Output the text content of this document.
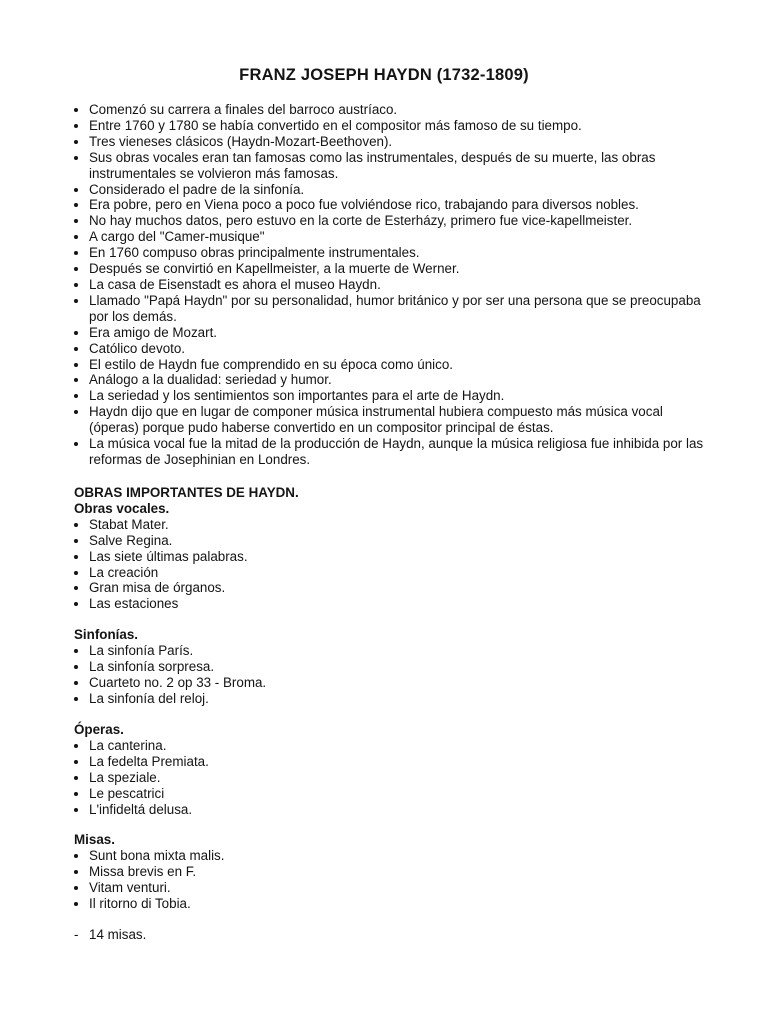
FRANZ JOSEPH HAYDN (1732-1809)
Comenzó su carrera a finales del barroco austríaco.
Entre 1760 y 1780 se había convertido en el compositor más famoso de su tiempo.
Tres vieneses clásicos (Haydn-Mozart-Beethoven).
Sus obras vocales eran tan famosas como las instrumentales, después de su muerte, las obras instrumentales se volvieron más famosas.
Considerado el padre de la sinfonía.
Era pobre, pero en Viena poco a poco fue volviéndose rico, trabajando para diversos nobles.
No hay muchos datos, pero estuvo en la corte de Esterházy, primero fue vice-kapellmeister.
A cargo del "Camer-musique"
En 1760 compuso obras principalmente instrumentales.
Después se convirtió en Kapellmeister, a la muerte de Werner.
La casa de Eisenstadt es ahora el museo Haydn.
Llamado "Papá Haydn" por su personalidad, humor británico y por ser una persona que se preocupaba por los demás.
Era amigo de Mozart.
Católico devoto.
El estilo de Haydn fue comprendido en su época como único.
Análogo a la dualidad: seriedad y humor.
La seriedad y los sentimientos son importantes para el arte de Haydn.
Haydn dijo que en lugar de componer música instrumental hubiera compuesto más música vocal (óperas) porque pudo haberse convertido en un compositor principal de éstas.
La música vocal fue la mitad de la producción de Haydn, aunque la música religiosa fue inhibida por las reformas de Josephinian en Londres.
OBRAS IMPORTANTES DE HAYDN.
Obras vocales.
Stabat Mater.
Salve Regina.
Las siete últimas palabras.
La creación
Gran misa de órganos.
Las estaciones
Sinfonías.
La sinfonía París.
La sinfonía sorpresa.
Cuarteto no. 2 op 33 - Broma.
La sinfonía del reloj.
Óperas.
La canterina.
La fedelta Premiata.
La speziale.
Le pescatrici
L'infideltá delusa.
Misas.
Sunt bona mixta malis.
Missa brevis en F.
Vitam venturi.
Il ritorno di Tobia.
- 14 misas.
